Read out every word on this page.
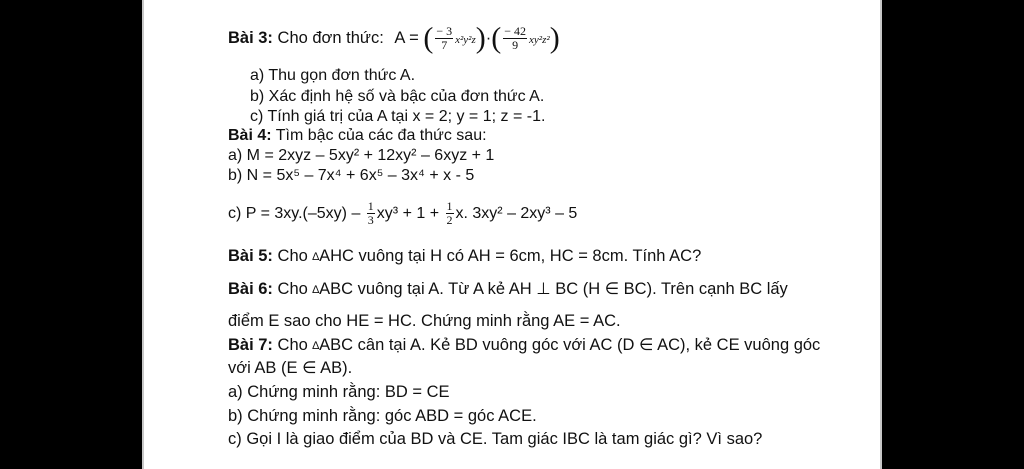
Bài 3: Cho đơn thức: A = ( $\frac{- 3}{7} x^2y^2z)\cdot( \frac{- 42}{9} xy^2z^2)$
a) Thu gọn đơn thức A.
b) Xác định hệ số và bậc của đơn thức A.
c) Tính giá trị của A tại x = 2; y = 1; z = -1.
Bài 4: Tìm bậc của các đa thức sau:
a) M = 2xyz – 5xy² + 12xy² – 6xyz + 1
b) N = 5x⁵ – 7x⁴ + 6x⁵ – 3x⁴ + x - 5
c) $P = 3xy.(-5xy) - \frac{1}{3} xy^3 + 1 + \frac{1}{2} x$. 3xy² – 2xy³ – 5
Bài 5: Cho ∆AHC vuông tại H có AH = 6cm, HC = 8cm. Tính AC?
Bài 6: Cho ∆ABC vuông tại A. Từ A kẻ AH ⊥ BC (H ∈ BC). Trên cạnh BC lấy
điểm E sao cho HE = HC. Chứng minh rằng AE = AC.
Bài 7: Cho ∆ABC cân tại A. Kẻ BD vuông góc với AC (D ∈ AC), kẻ CE vuông góc
với AB (E ∈ AB).
a) Chứng minh rằng: BD = CE
b) Chứng minh rằng: góc ABD = góc ACE.
c) Gọi I là giao điểm của BD và CE. Tam giác IBC là tam giác gì? Vì sao?
